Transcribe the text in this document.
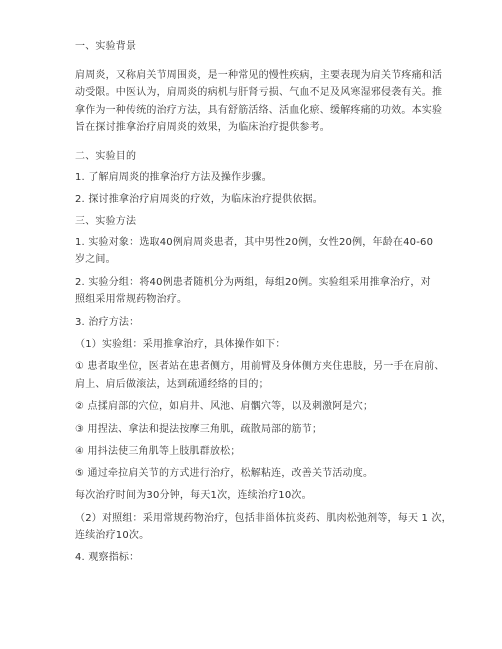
一、实验背景
肩周炎，又称肩关节周围炎，是一种常见的慢性疾病，主要表现为肩关节疼痛和活
动受限。中医认为，肩周炎的病机与肝肾亏损、气血不足及风寒湿邪侵袭有关。推
拿作为一种传统的治疗方法，具有舒筋活络、活血化瘀、缓解疼痛的功效。本实验
旨在探讨推拿治疗肩周炎的效果，为临床治疗提供参考。
二、实验目的
1. 了解肩周炎的推拿治疗方法及操作步骤。
2. 探讨推拿治疗肩周炎的疗效，为临床治疗提供依据。
三、实验方法
1. 实验对象：选取40例肩周炎患者，其中男性20例，女性20例，年龄在40-60
岁之间。
2. 实验分组：将40例患者随机分为两组，每组20例。实验组采用推拿治疗，对
照组采用常规药物治疗。
3. 治疗方法：
（1）实验组：采用推拿治疗，具体操作如下：
① 患者取坐位，医者站在患者侧方，用前臂及身体侧方夹住患肢，另一手在肩前、
肩上、肩后做滚法，达到疏通经络的目的；
② 点揉肩部的穴位，如肩井、风池、肩髃穴等，以及刺激阿是穴；
③ 用捏法、拿法和提法按摩三角肌，疏散局部的筋节；
④ 用抖法使三角肌等上肢肌群放松；
⑤ 通过牵拉肩关节的方式进行治疗，松解粘连，改善关节活动度。
每次治疗时间为30分钟，每天1次，连续治疗10次。
（2）对照组：采用常规药物治疗，包括非甾体抗炎药、肌肉松弛剂等，每天 1 次，
连续治疗10次。
4. 观察指标：
